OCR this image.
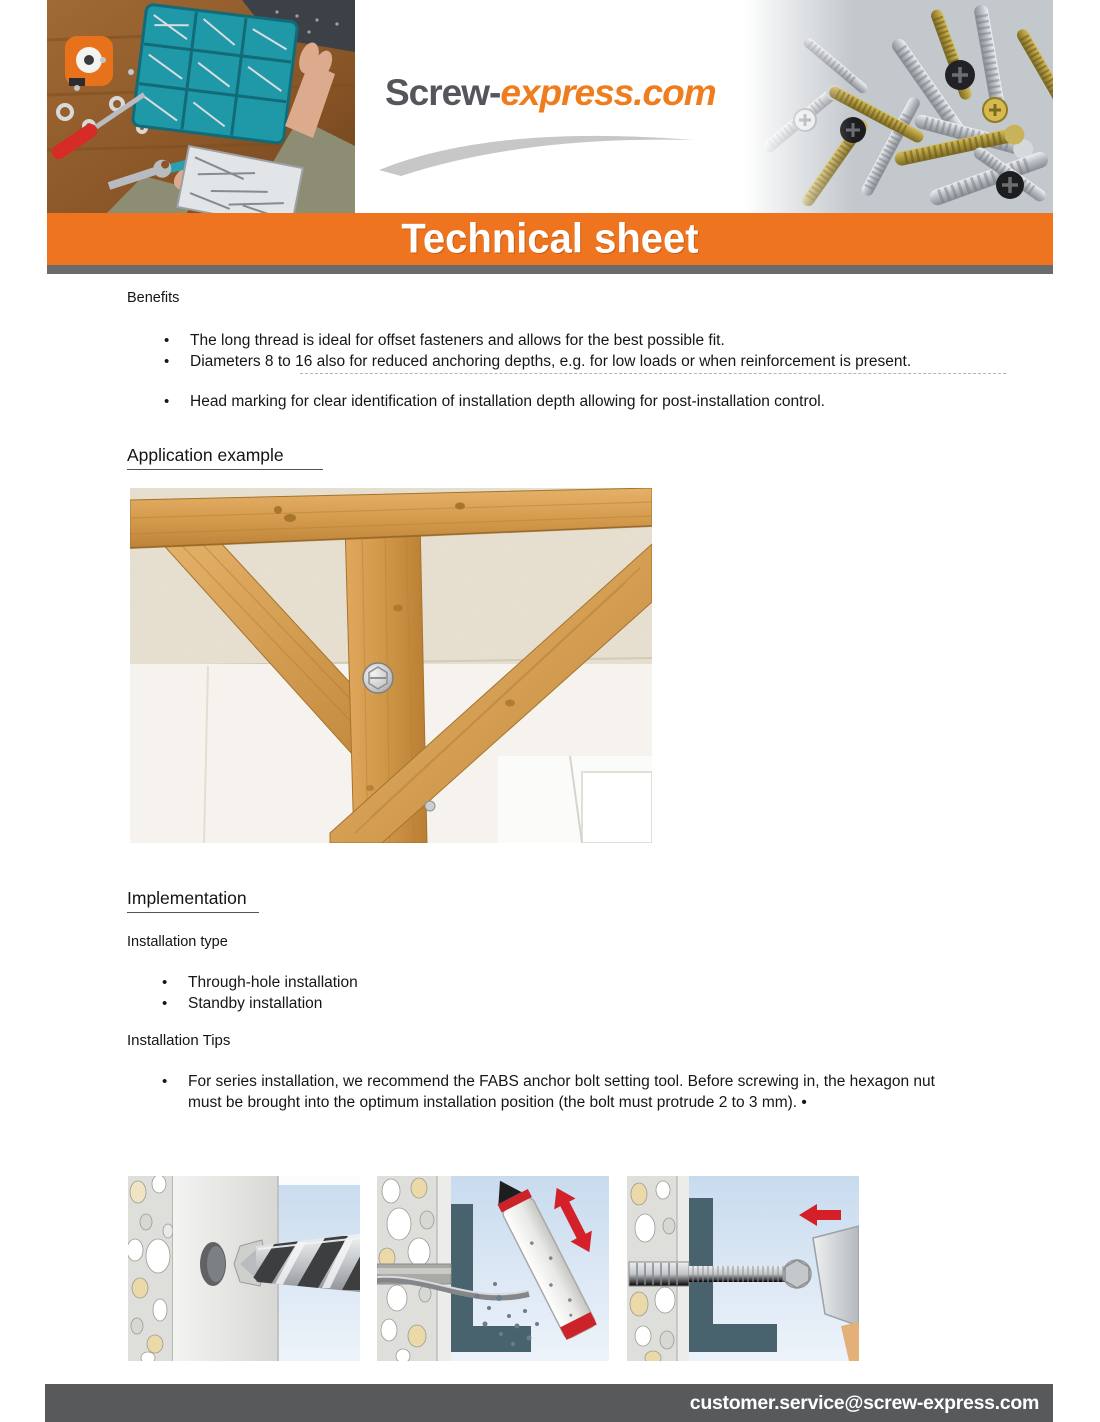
Screw-express.com
Technical sheet
Benefits
• The long thread is ideal for offset fasteners and allows for the best possible fit.
• Diameters 8 to 16 also for reduced anchoring depths, e.g. for low loads or when reinforcement is present.
• Head marking for clear identification of installation depth allowing for post-installation control.
Application example
Implementation
Installation type
• Through-hole installation
• Standby installation
Installation Tips
• For series installation, we recommend the FABS anchor bolt setting tool. Before screwing in, the hexagon nut must be brought into the optimum installation position (the bolt must protrude 2 to 3 mm). •
customer.service@screw-express.com
